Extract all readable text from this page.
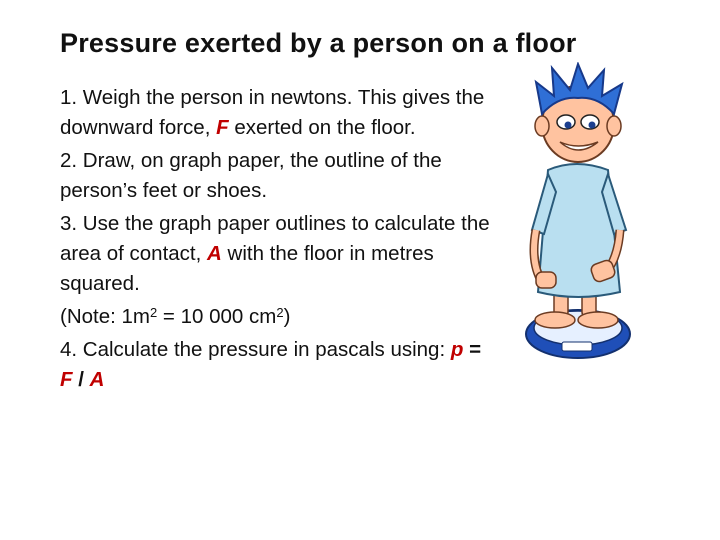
Pressure exerted by a person on a floor

1. Weigh the person in newtons. This gives the downward force, F exerted on the floor.

2. Draw, on graph paper, the outline of the person’s feet or shoes.

3. Use the graph paper outlines to calculate the area of contact, A with the floor in metres squared.

(Note: $1m^2 = 10$ 000 $cm^2$)

4. Calculate the pressure in pascals using: p = F / A
